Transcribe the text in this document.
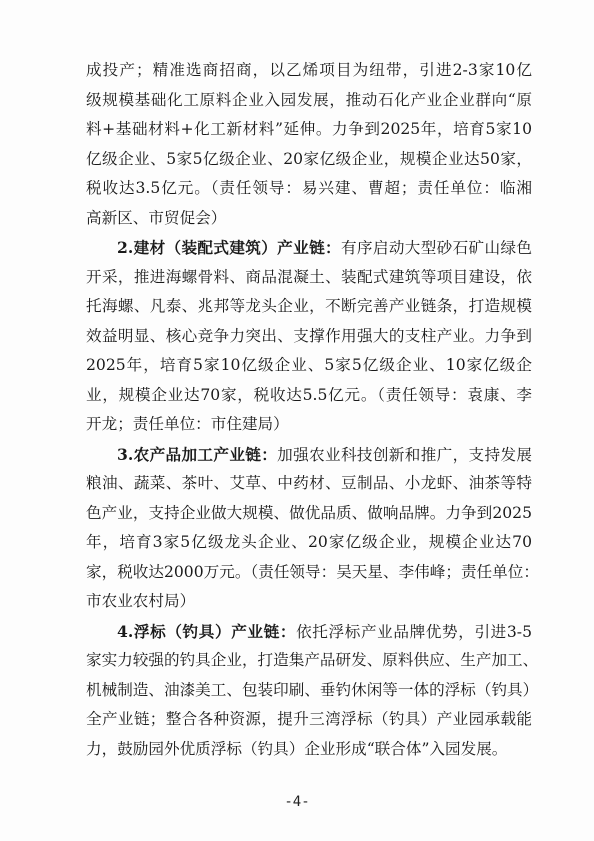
成投产；精准选商招商，以乙烯项目为纽带，引进2-3家10亿
级规模基础化工原料企业入园发展，推动石化产业企业群向“原
料+基础材料+化工新材料”延伸。力争到2025年，培育5家10
亿级企业、5家5亿级企业、20家亿级企业，规模企业达50家，
税收达3.5亿元。（责任领导：易兴建、曹超；责任单位：临湘
高新区、市贸促会）
2.建材（装配式建筑）产业链：有序启动大型砂石矿山绿色
开采，推进海螺骨料、商品混凝土、装配式建筑等项目建设，依
托海螺、凡泰、兆邦等龙头企业，不断完善产业链条，打造规模
效益明显、核心竞争力突出、支撑作用强大的支柱产业。力争到
2025年，培育5家10亿级企业、5家5亿级企业、10家亿级企
业，规模企业达70家，税收达5.5亿元。（责任领导：袁康、李
开龙；责任单位：市住建局）
3.农产品加工产业链：加强农业科技创新和推广，支持发展
粮油、蔬菜、茶叶、艾草、中药材、豆制品、小龙虾、油茶等特
色产业，支持企业做大规模、做优品质、做响品牌。力争到2025
年，培育3家5亿级龙头企业、20家亿级企业，规模企业达70
家，税收达2000万元。（责任领导：吴天星、李伟峰；责任单位：
市农业农村局）
4.浮标（钓具）产业链：依托浮标产业品牌优势，引进3-5
家实力较强的钓具企业，打造集产品研发、原料供应、生产加工、
机械制造、油漆美工、包装印刷、垂钓休闲等一体的浮标（钓具）
全产业链；整合各种资源，提升三湾浮标（钓具）产业园承载能
力，鼓励园外优质浮标（钓具）企业形成“联合体”入园发展。
-4-
